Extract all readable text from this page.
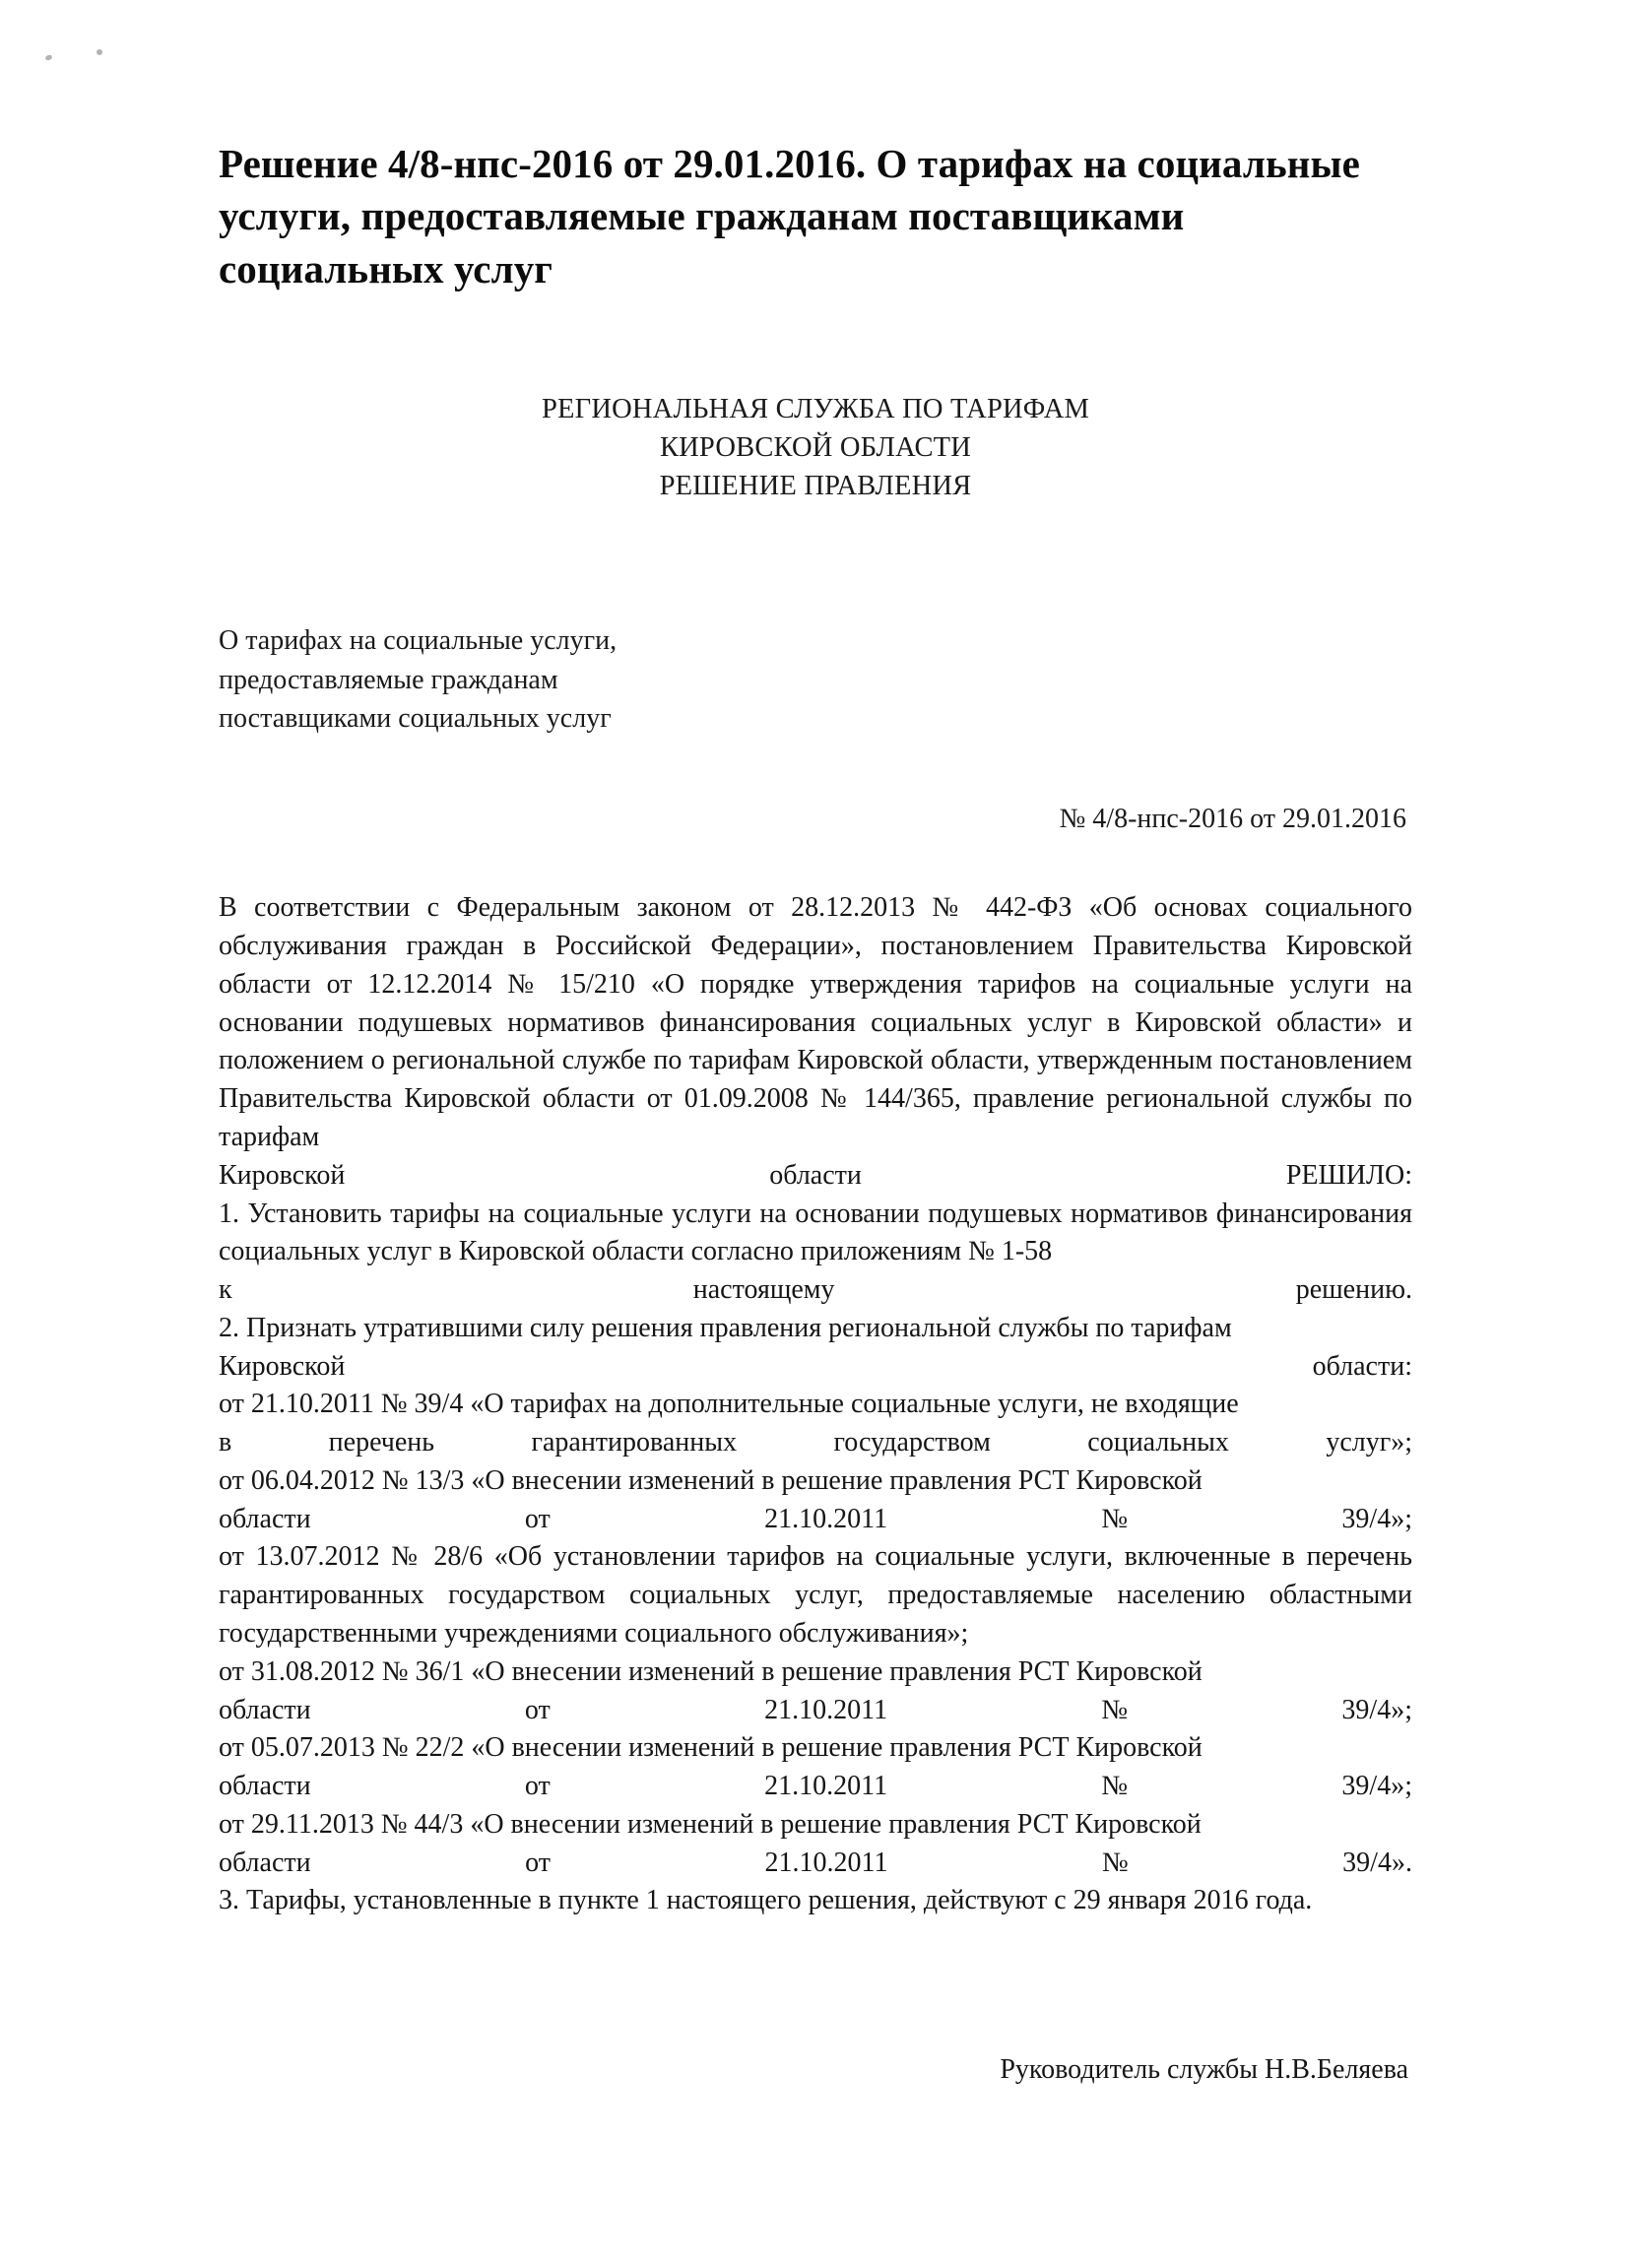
Решение 4/8-нпс-2016 от 29.01.2016. О тарифах на социальные услуги, предоставляемые гражданам поставщиками социальных услуг
РЕГИОНАЛЬНАЯ СЛУЖБА ПО ТАРИФАМ
КИРОВСКОЙ ОБЛАСТИ
РЕШЕНИЕ ПРАВЛЕНИЯ
О тарифах на социальные услуги,
предоставляемые гражданам
поставщиками социальных услуг
№ 4/8-нпс-2016 от 29.01.2016

В соответствии с Федеральным законом от 28.12.2013 № 442-ФЗ «Об основах социального обслуживания граждан в Российской Федерации», постановлением Правительства Кировской области от 12.12.2014 № 15/210 «О порядке утверждения тарифов на социальные услуги на основании подушевых нормативов финансирования социальных услуг в Кировской области» и положением о региональной службе по тарифам Кировской области, утвержденным постановлением Правительства Кировской области от 01.09.2008 № 144/365, правление региональной службы по тарифам

Кировской	области	РЕШИЛО:

1. Установить тарифы на социальные услуги на основании подушевых нормативов финансирования социальных услуг в Кировской области согласно приложениям № 1-58

к	настоящему	решению.

2. Признать утратившими силу решения правления региональной службы по тарифам

Кировской	области:

от 21.10.2011 № 39/4 «О тарифах на дополнительные социальные услуги, не входящие

в	перечень	гарантированных	государством	социальных	услуг»;

от 06.04.2012 № 13/3 «О внесении изменений в решение правления РСТ Кировской

области	от	21.10.2011	№	39/4»;

от 13.07.2012 № 28/6 «Об установлении тарифов на социальные услуги, включенные в перечень гарантированных государством социальных услуг, предоставляемые населению областными государственными учреждениями социального обслуживания»;

от 31.08.2012 № 36/1 «О внесении изменений в решение правления РСТ Кировской

области	от	21.10.2011	№	39/4»;

от 05.07.2013 № 22/2 «О внесении изменений в решение правления РСТ Кировской

области	от	21.10.2011	№	39/4»;

от 29.11.2013 № 44/3 «О внесении изменений в решение правления РСТ Кировской

области	от	21.10.2011	№	39/4».

3. Тарифы, установленные в пункте 1 настоящего решения, действуют с 29 января 2016 года.

Руководитель службы Н.В.Беляева
